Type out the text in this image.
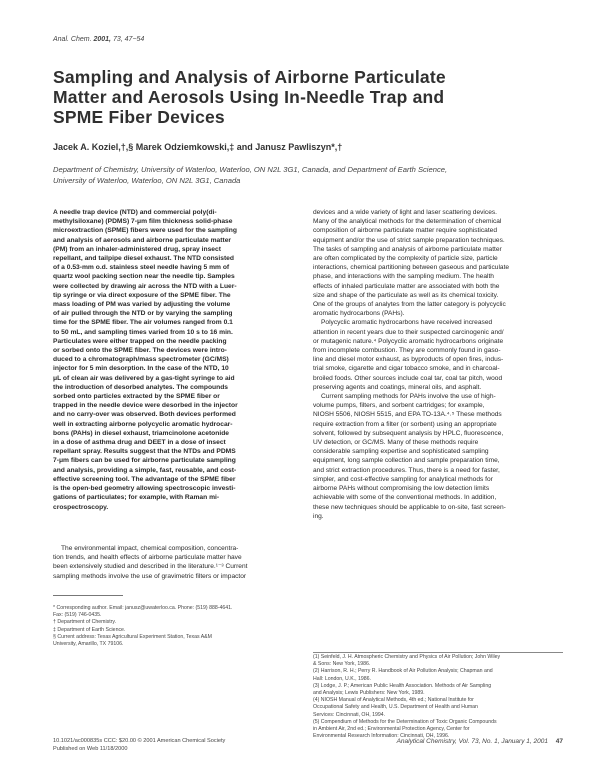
Anal. Chem. 2001, 73, 47−54
Sampling and Analysis of Airborne Particulate
Matter and Aerosols Using In-Needle Trap and
SPME Fiber Devices
Jacek A. Koziel,†,§ Marek Odziemkowski,‡ and Janusz Pawliszyn*,†
Department of Chemistry, University of Waterloo, Waterloo, ON N2L 3G1, Canada, and Department of Earth Science,
University of Waterloo, Waterloo, ON N2L 3G1, Canada
A needle trap device (NTD) and commercial poly(di-
methylsiloxane) (PDMS) 7-μm film thickness solid-phase
microextraction (SPME) fibers were used for the sampling
and analysis of aerosols and airborne particulate matter
(PM) from an inhaler-administered drug, spray insect
repellant, and tailpipe diesel exhaust. The NTD consisted
of a 0.53-mm o.d. stainless steel needle having 5 mm of
quartz wool packing section near the needle tip. Samples
were collected by drawing air across the NTD with a Luer-
tip syringe or via direct exposure of the SPME fiber. The
mass loading of PM was varied by adjusting the volume
of air pulled through the NTD or by varying the sampling
time for the SPME fiber. The air volumes ranged from 0.1
to 50 mL, and sampling times varied from 10 s to 16 min.
Particulates were either trapped on the needle packing
or sorbed onto the SPME fiber. The devices were intro-
duced to a chromatograph/mass spectrometer (GC/MS)
injector for 5 min desorption. In the case of the NTD, 10
μL of clean air was delivered by a gas-tight syringe to aid
the introduction of desorbed analytes. The compounds
sorbed onto particles extracted by the SPME fiber or
trapped in the needle device were desorbed in the injector
and no carry-over was observed. Both devices performed
well in extracting airborne polycyclic aromatic hydrocar-
bons (PAHs) in diesel exhaust, triamcinolone acetonide
in a dose of asthma drug and DEET in a dose of insect
repellant spray. Results suggest that the NTDs and PDMS
7-μm fibers can be used for airborne particulate sampling
and analysis, providing a simple, fast, reusable, and cost-
effective screening tool. The advantage of the SPME fiber
is the open-bed geometry allowing spectroscopic investi-
gations of particulates; for example, with Raman mi-
crospectroscopy.
The environmental impact, chemical composition, concentra-
tion trends, and health effects of airborne particulate matter have
been extensively studied and described in the literature.¹⁻³ Current
sampling methods involve the use of gravimetric filters or impactor
* Corresponding author. Email: janusz@uwaterloo.ca. Phone: (519) 888-4641.
Fax: (519) 746-0435.
† Department of Chemistry.
‡ Department of Earth Science.
§ Current address: Texas Agricultural Experiment Station, Texas A&M
University, Amarillo, TX 79106.
devices and a wide variety of light and laser scattering devices.
Many of the analytical methods for the determination of chemical
composition of airborne particulate matter require sophisticated
equipment and/or the use of strict sample preparation techniques.
The tasks of sampling and analysis of airborne particulate matter
are often complicated by the complexity of particle size, particle
interactions, chemical partitioning between gaseous and particulate
phase, and interactions with the sampling medium. The health
effects of inhaled particulate matter are associated with both the
size and shape of the particulate as well as its chemical toxicity.
One of the groups of analytes from the latter category is polycyclic
aromatic hydrocarbons (PAHs).
Polycyclic aromatic hydrocarbons have received increased
attention in recent years due to their suspected carcinogenic and/
or mutagenic nature.⁴ Polycyclic aromatic hydrocarbons originate
from incomplete combustion. They are commonly found in gaso-
line and diesel motor exhaust, as byproducts of open fires, indus-
trial smoke, cigarette and cigar tobacco smoke, and in charcoal-
broiled foods. Other sources include coal tar, coal tar pitch, wood
preserving agents and coatings, mineral oils, and asphalt.
Current sampling methods for PAHs involve the use of high-
volume pumps, filters, and sorbent cartridges; for example,
NIOSH 5506, NIOSH 5515, and EPA TO-13A.⁴˒⁵ These methods
require extraction from a filter (or sorbent) using an appropriate
solvent, followed by subsequent analysis by HPLC, fluorescence,
UV detection, or GC/MS. Many of these methods require
considerable sampling expertise and sophisticated sampling
equipment, long sample collection and sample preparation time,
and strict extraction procedures. Thus, there is a need for faster,
simpler, and cost-effective sampling for analytical methods for
airborne PAHs without compromising the low detection limits
achievable with some of the conventional methods. In addition,
these new techniques should be applicable to on-site, fast screen-
ing.
(1) Seinfeld, J. H. Atmospheric Chemistry and Physics of Air Pollution; John Wiley
& Sons: New York, 1986.
(2) Harrison, R. H.; Perry R. Handbook of Air Pollution Analysis; Chapman and
Hall: London, U.K., 1986.
(3) Lodge, J. P.; American Public Health Association. Methods of Air Sampling
and Analysis; Lewis Publishers: New York, 1989.
(4) NIOSH Manual of Analytical Methods, 4th ed.; National Institute for
Occupational Safety and Health, U.S. Department of Health and Human
Services: Cincinnati, OH, 1994.
(5) Compendium of Methods for the Determination of Toxic Organic Compounds
in Ambient Air, 2nd ed.; Environmental Protection Agency, Center for
Environmental Research Information: Cincinnati, OH, 1996.
10.1021/ac000835s CCC: $20.00 © 2001 American Chemical Society
Published on Web 11/18/2000
Analytical Chemistry, Vol. 73, No. 1, January 1, 2001 47
